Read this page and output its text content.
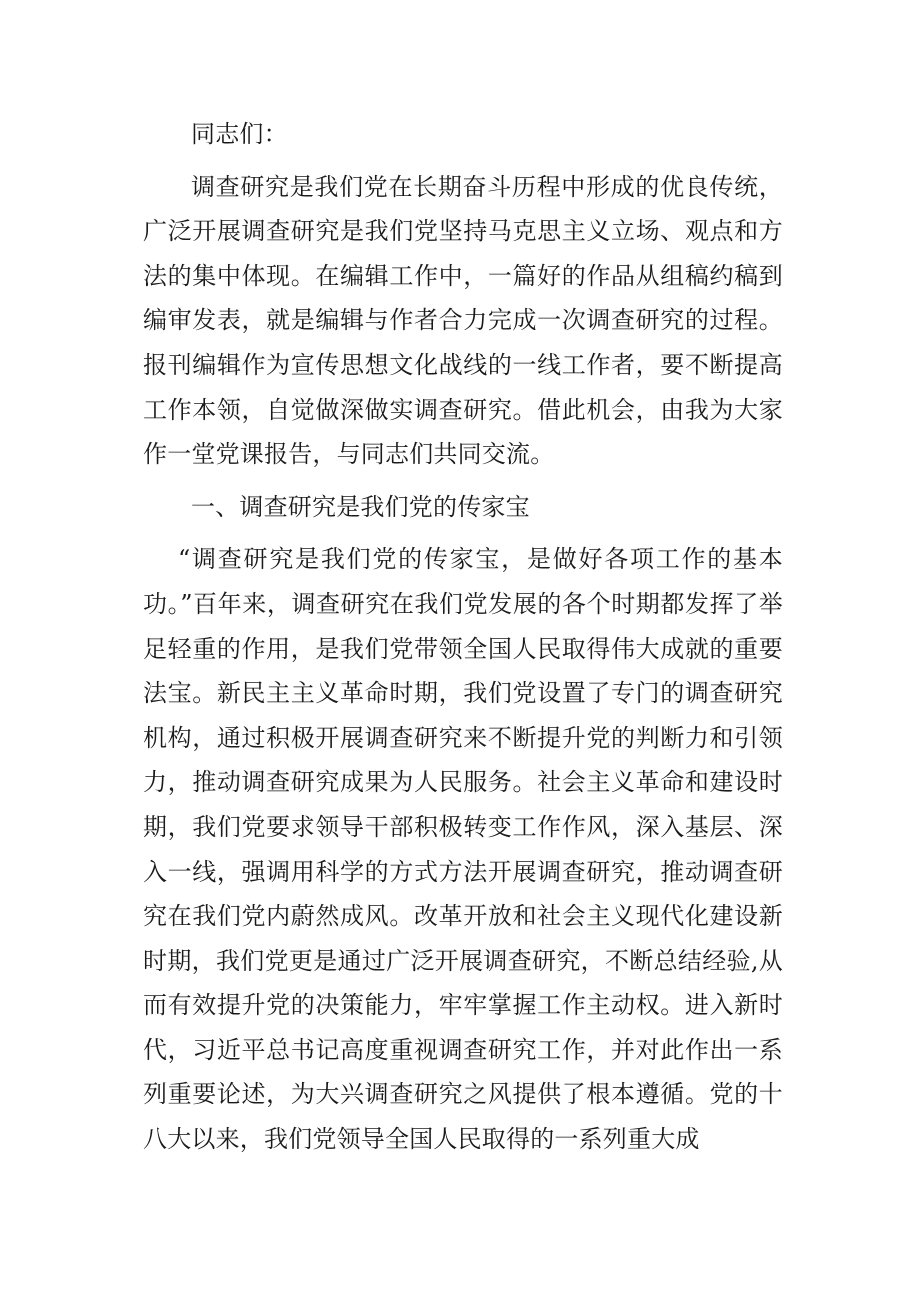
同志们：

调查研究是我们党在长期奋斗历程中形成的优良传统，广泛开展调查研究是我们党坚持马克思主义立场、观点和方法的集中体现。在编辑工作中，一篇好的作品从组稿约稿到编审发表，就是编辑与作者合力完成一次调查研究的过程。报刊编辑作为宣传思想文化战线的一线工作者，要不断提高工作本领，自觉做深做实调查研究。借此机会，由我为大家作一堂党课报告，与同志们共同交流。

一、调查研究是我们党的传家宝

“调查研究是我们党的传家宝，是做好各项工作的基本功。”百年来，调查研究在我们党发展的各个时期都发挥了举足轻重的作用，是我们党带领全国人民取得伟大成就的重要法宝。新民主主义革命时期，我们党设置了专门的调查研究机构，通过积极开展调查研究来不断提升党的判断力和引领力，推动调查研究成果为人民服务。社会主义革命和建设时期，我们党要求领导干部积极转变工作作风，深入基层、深入一线，强调用科学的方式方法开展调查研究，推动调查研究在我们党内蔚然成风。改革开放和社会主义现代化建设新时期，我们党更是通过广泛开展调查研究，不断总结经验,从而有效提升党的决策能力，牢牢掌握工作主动权。进入新时代，习近平总书记高度重视调查研究工作，并对此作出一系列重要论述，为大兴调查研究之风提供了根本遵循。党的十八大以来，我们党领导全国人民取得的一系列重大成
